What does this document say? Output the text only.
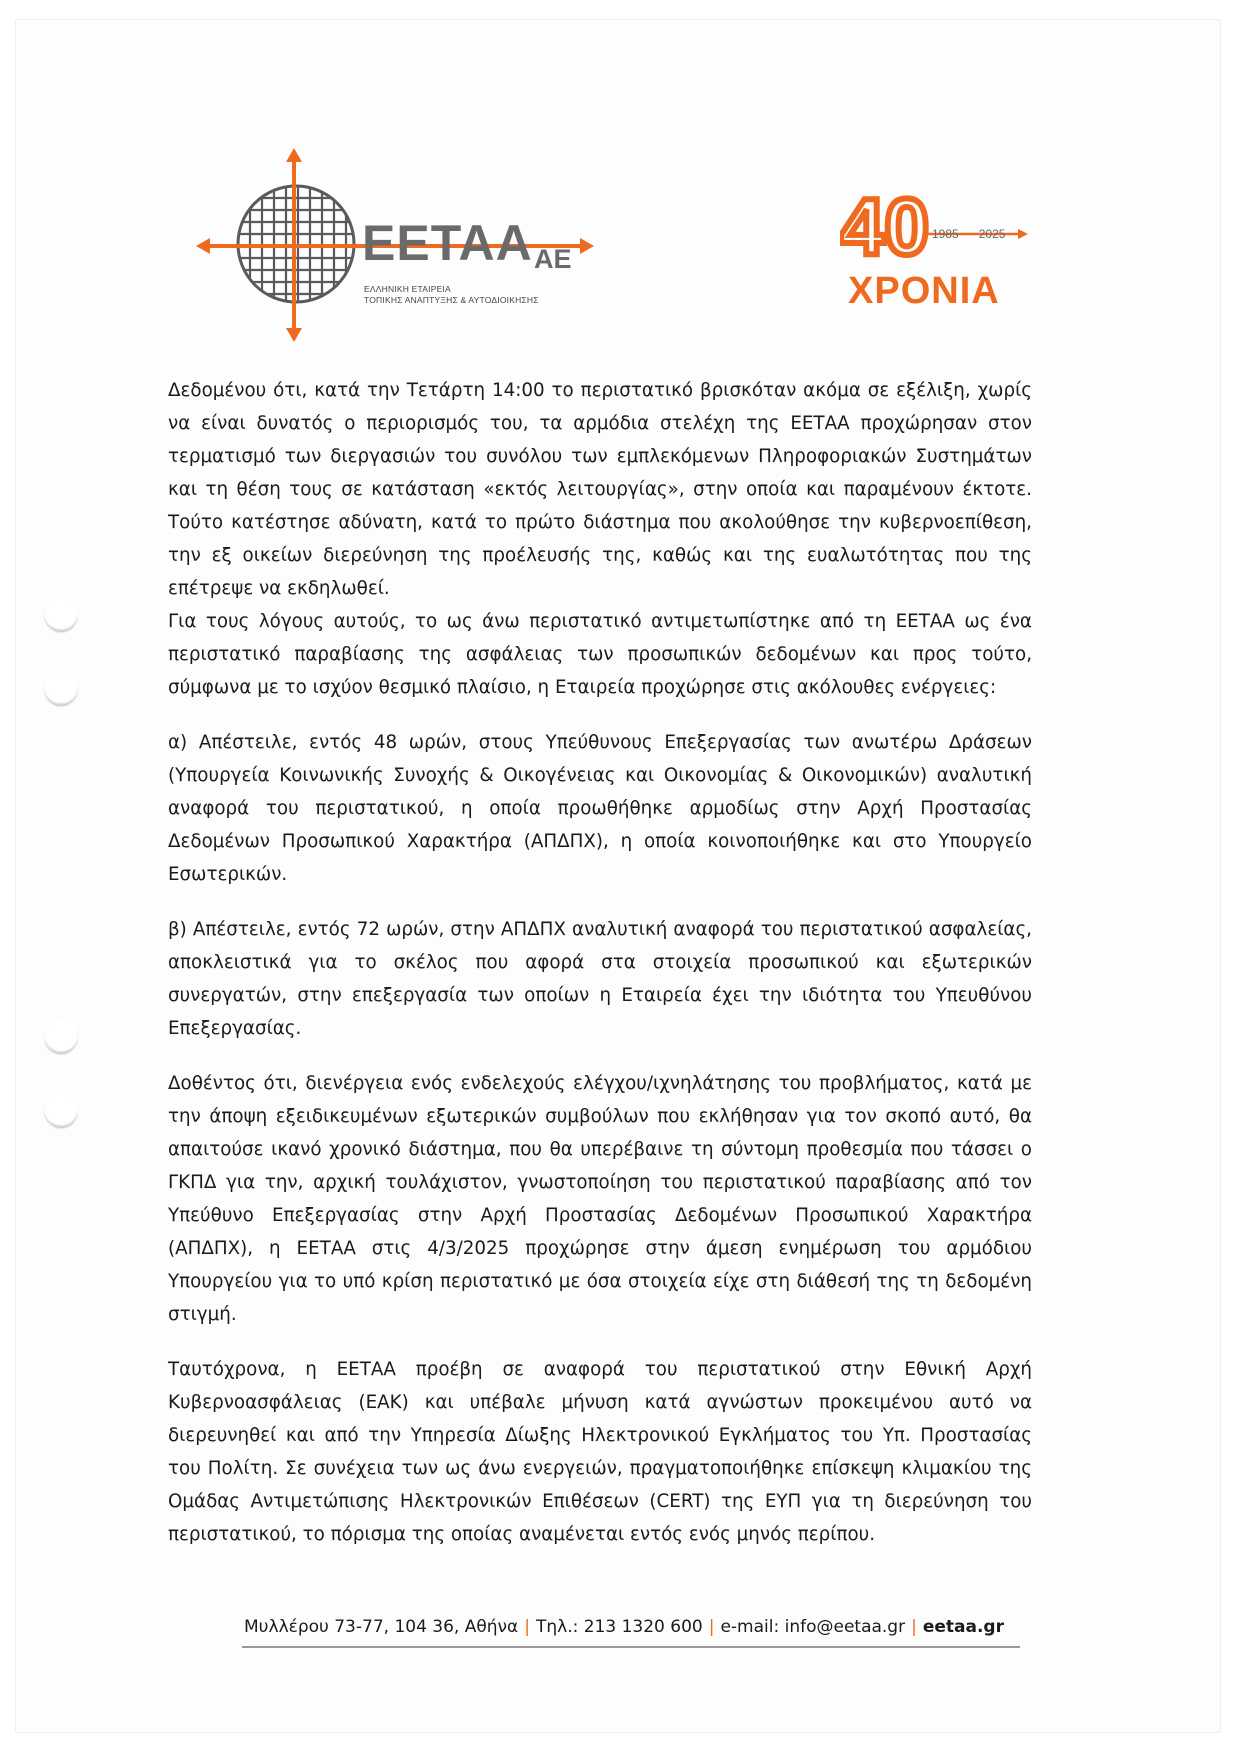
EETAA AE
ΕΛΛΗΝΙΚΗ ΕΤΑΙΡΕΙΑ
ΤΟΠΙΚΗΣ ΑΝΑΠΤΥΞΗΣ & ΑΥΤΟΔΙΟΙΚΗΣΗΣ
40 1985 2025
ΧΡΟΝΙΑ

Δεδομένου ότι, κατά την Τετάρτη 14:00 το περιστατικό βρισκόταν ακόμα σε εξέλιξη, χωρίς να είναι δυνατός ο περιορισμός του, τα αρμόδια στελέχη της ΕΕΤΑΑ προχώρησαν στον τερματισμό των διεργασιών του συνόλου των εμπλεκόμενων Πληροφοριακών Συστημάτων και τη θέση τους σε κατάσταση «εκτός λειτουργίας», στην οποία και παραμένουν έκτοτε. Τούτο κατέστησε αδύνατη, κατά το πρώτο διάστημα που ακολούθησε την κυβερνοεπίθεση, την εξ οικείων διερεύνηση της προέλευσής της, καθώς και της ευαλωτότητας που της επέτρεψε να εκδηλωθεί.

Για τους λόγους αυτούς, το ως άνω περιστατικό αντιμετωπίστηκε από τη ΕΕΤΑΑ ως ένα περιστατικό παραβίασης της ασφάλειας των προσωπικών δεδομένων και προς τούτο, σύμφωνα με το ισχύον θεσμικό πλαίσιο, η Εταιρεία προχώρησε στις ακόλουθες ενέργειες:

α) Απέστειλε, εντός 48 ωρών, στους Υπεύθυνους Επεξεργασίας των ανωτέρω Δράσεων (Υπουργεία Κοινωνικής Συνοχής & Οικογένειας και Οικονομίας & Οικονομικών) αναλυτική αναφορά του περιστατικού, η οποία προωθήθηκε αρμοδίως στην Αρχή Προστασίας Δεδομένων Προσωπικού Χαρακτήρα (ΑΠΔΠΧ), η οποία κοινοποιήθηκε και στο Υπουργείο Εσωτερικών.

β) Απέστειλε, εντός 72 ωρών, στην ΑΠΔΠΧ αναλυτική αναφορά του περιστατικού ασφαλείας, αποκλειστικά για το σκέλος που αφορά στα στοιχεία προσωπικού και εξωτερικών συνεργατών, στην επεξεργασία των οποίων η Εταιρεία έχει την ιδιότητα του Υπευθύνου Επεξεργασίας.

Δοθέντος ότι, διενέργεια ενός ενδελεχούς ελέγχου/ιχνηλάτησης του προβλήματος, κατά με την άποψη εξειδικευμένων εξωτερικών συμβούλων που εκλήθησαν για τον σκοπό αυτό, θα απαιτούσε ικανό χρονικό διάστημα, που θα υπερέβαινε τη σύντομη προθεσμία που τάσσει ο ΓΚΠΔ για την, αρχική τουλάχιστον, γνωστοποίηση του περιστατικού παραβίασης από τον Υπεύθυνο Επεξεργασίας στην Αρχή Προστασίας Δεδομένων Προσωπικού Χαρακτήρα (ΑΠΔΠΧ), η ΕΕΤΑΑ στις 4/3/2025 προχώρησε στην άμεση ενημέρωση του αρμόδιου Υπουργείου για το υπό κρίση περιστατικό με όσα στοιχεία είχε στη διάθεσή της τη δεδομένη στιγμή.

Ταυτόχρονα, η ΕΕΤΑΑ προέβη σε αναφορά του περιστατικού στην Εθνική Αρχή Κυβερνοασφάλειας (ΕΑΚ) και υπέβαλε μήνυση κατά αγνώστων προκειμένου αυτό να διερευνηθεί και από την Υπηρεσία Δίωξης Ηλεκτρονικού Εγκλήματος του Υπ. Προστασίας του Πολίτη. Σε συνέχεια των ως άνω ενεργειών, πραγματοποιήθηκε επίσκεψη κλιμακίου της Ομάδας Αντιμετώπισης Ηλεκτρονικών Επιθέσεων (CERT) της ΕΥΠ για τη διερεύνηση του περιστατικού, το πόρισμα της οποίας αναμένεται εντός ενός μηνός περίπου.

Μυλλέρου 73-77, 104 36, Αθήνα | Τηλ.: 213 1320 600 | e-mail: info@eetaa.gr | eetaa.gr
